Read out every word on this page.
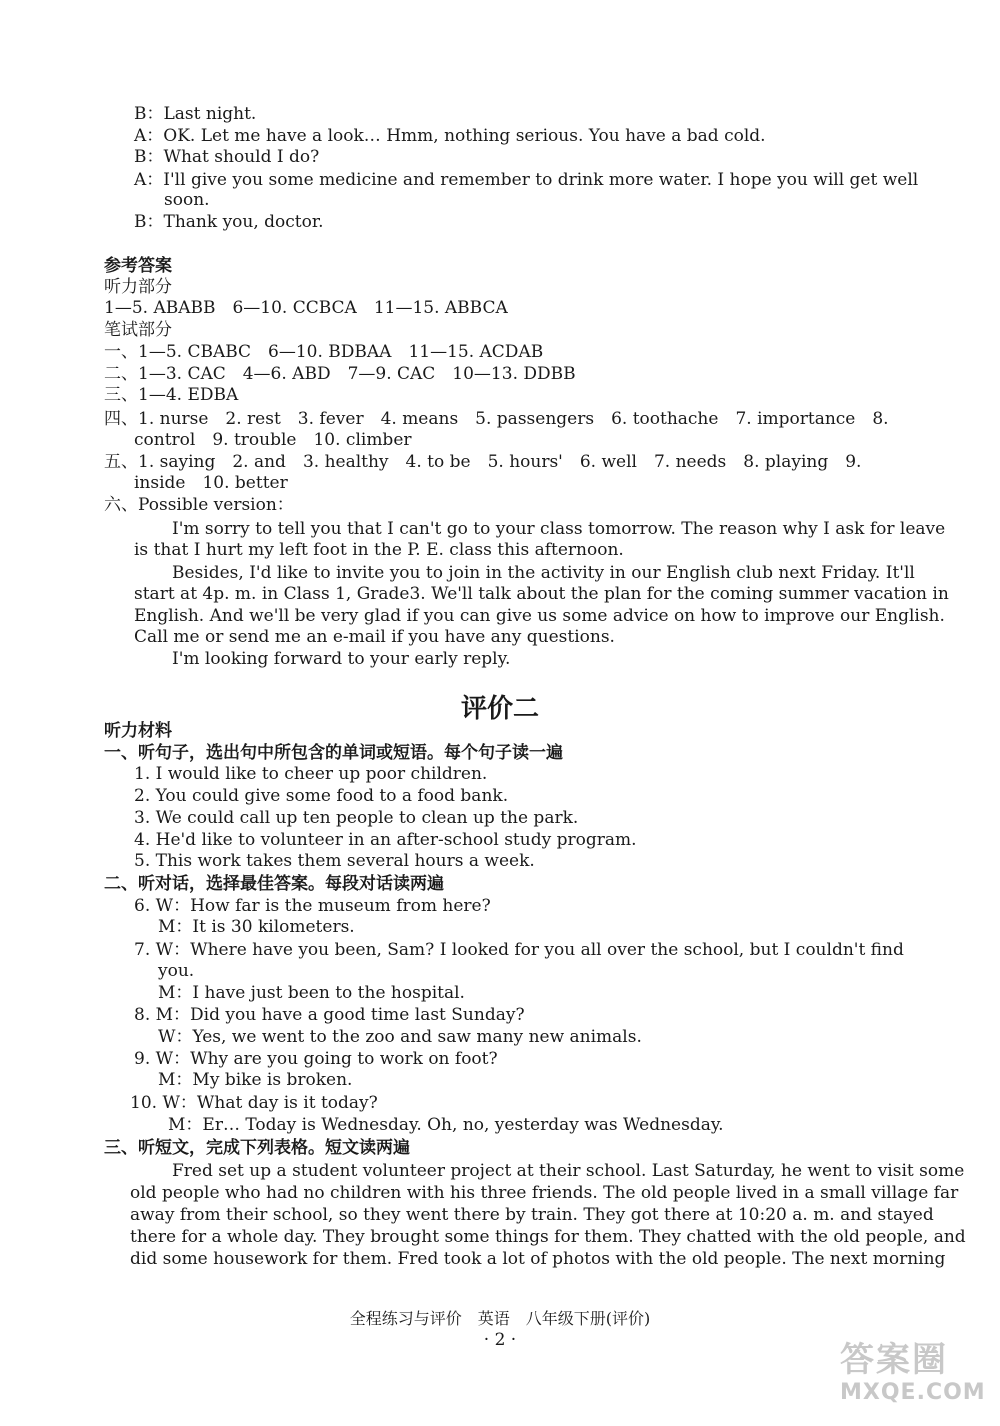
B：Last night.
A：OK. Let me have a look… Hmm, nothing serious. You have a bad cold.
B：What should I do?
A：I'll give you some medicine and remember to drink more water. I hope you will get well
soon.
B：Thank you, doctor.
参考答案
听力部分
1—5. ABABB　6—10. CCBCA　11—15. ABBCA
笔试部分
一、1—5. CBABC　6—10. BDBAA　11—15. ACDAB
二、1—3. CAC　4—6. ABD　7—9. CAC　10—13. DDBB
三、1—4. EDBA
四、1. nurse　2. rest　3. fever　4. means　5. passengers　6. toothache　7. importance　8.
control　9. trouble　10. climber
五、1. saying　2. and　3. healthy　4. to be　5. hours'　6. well　7. needs　8. playing　9.
inside　10. better
六、Possible version：
I'm sorry to tell you that I can't go to your class tomorrow. The reason why I ask for leave
is that I hurt my left foot in the P. E. class this afternoon.
Besides, I'd like to invite you to join in the activity in our English club next Friday. It'll
start at 4p. m. in Class 1, Grade3. We'll talk about the plan for the coming summer vacation in
English. And we'll be very glad if you can give us some advice on how to improve our English.
Call me or send me an e-mail if you have any questions.
I'm looking forward to your early reply.
评价二
听力材料
一、听句子，选出句中所包含的单词或短语。每个句子读一遍
1. I would like to cheer up poor children.
2. You could give some food to a food bank.
3. We could call up ten people to clean up the park.
4. He'd like to volunteer in an after-school study program.
5. This work takes them several hours a week.
二、听对话，选择最佳答案。每段对话读两遍
6. W：How far is the museum from here?
M：It is 30 kilometers.
7. W：Where have you been, Sam? I looked for you all over the school, but I couldn't find
you.
M：I have just been to the hospital.
8. M：Did you have a good time last Sunday?
W：Yes, we went to the zoo and saw many new animals.
9. W：Why are you going to work on foot?
M：My bike is broken.
10. W：What day is it today?
M：Er… Today is Wednesday. Oh, no, yesterday was Wednesday.
三、听短文，完成下列表格。短文读两遍
Fred set up a student volunteer project at their school. Last Saturday, he went to visit some
old people who had no children with his three friends. The old people lived in a small village far
away from their school, so they went there by train. They got there at 10:20 a. m. and stayed
there for a whole day. They brought some things for them. They chatted with the old people, and
did some housework for them. Fred took a lot of photos with the old people. The next morning
全程练习与评价　英语　八年级下册(评价)
· 2 ·	答案圈
MXQE.COM
